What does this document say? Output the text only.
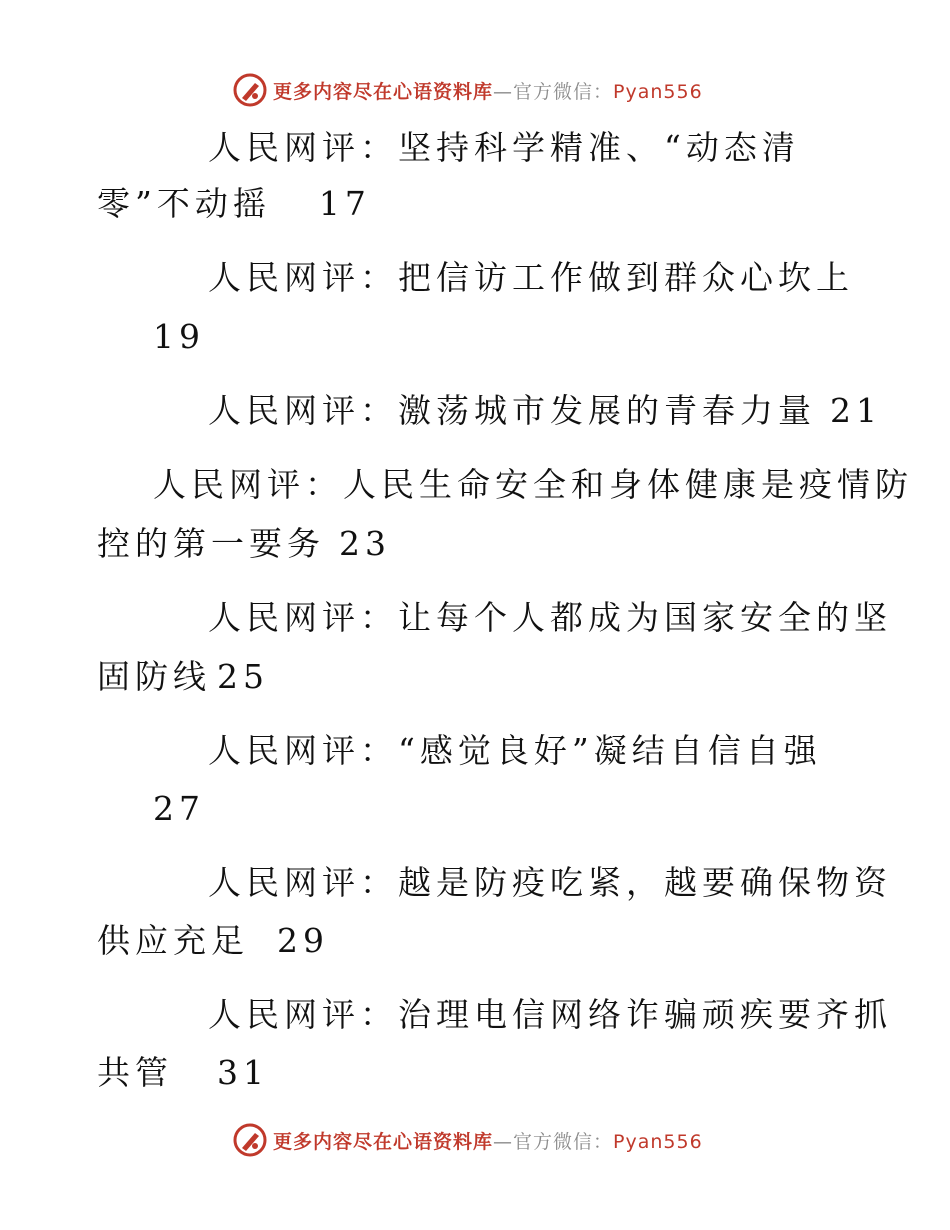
更多内容尽在心语资料库—官方微信：Pyan556
人民网评：坚持科学精准、“动态清
零”不动摇 17
人民网评：把信访工作做到群众心坎上
19
人民网评：激荡城市发展的青春力量 21
人民网评：人民生命安全和身体健康是疫情防
控的第一要务 23
人民网评：让每个人都成为国家安全的坚
固防线 25
人民网评：“感觉良好”凝结自信自强
27
人民网评：越是防疫吃紧，越要确保物资
供应充足 29
人民网评：治理电信网络诈骗顽疾要齐抓
共管 31
更多内容尽在心语资料库—官方微信：Pyan556
